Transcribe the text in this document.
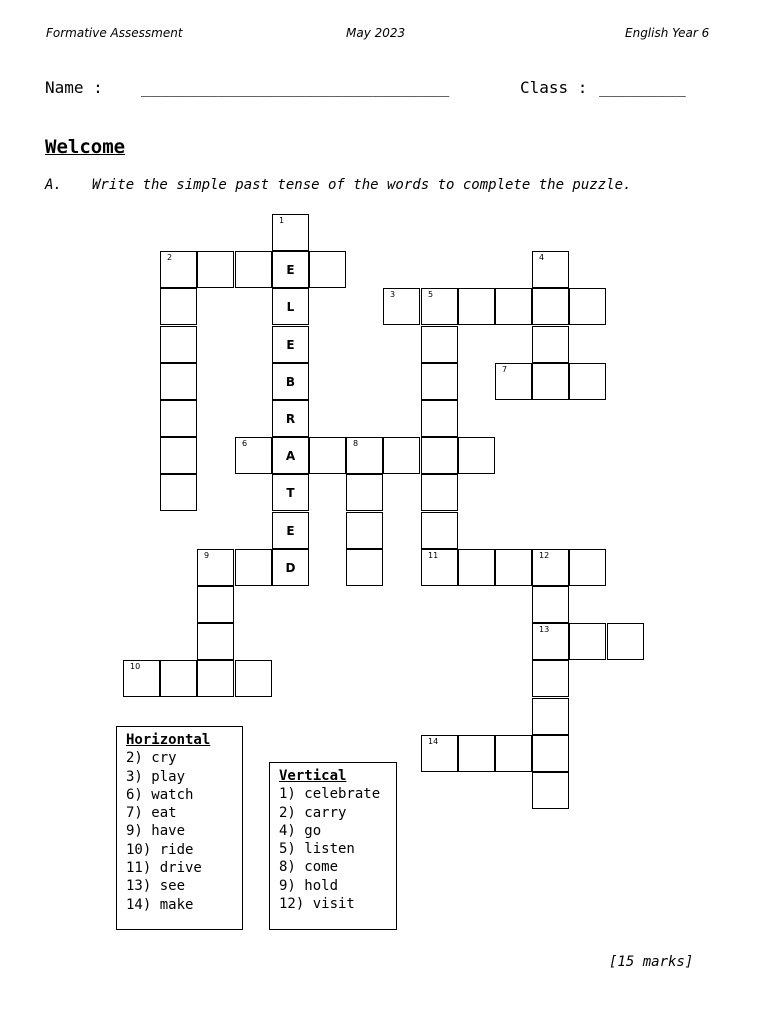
Formative Assessment	May 2023	English Year 6
Name : ________________________________	Class : _________
Welcome
A. Write the simple past tense of the words to complete the puzzle.
1
2
E
4
L
3	5
E
B
7
R
6
A
8
T
E
9
D
11	12
13
10
14
Horizontal
2) cry
3) play
6) watch
7) eat
9) have
10) ride
11) drive
13) see
14) make
Vertical
1) celebrate
2) carry
4) go
5) listen
8) come
9) hold
12) visit
[15 marks]
